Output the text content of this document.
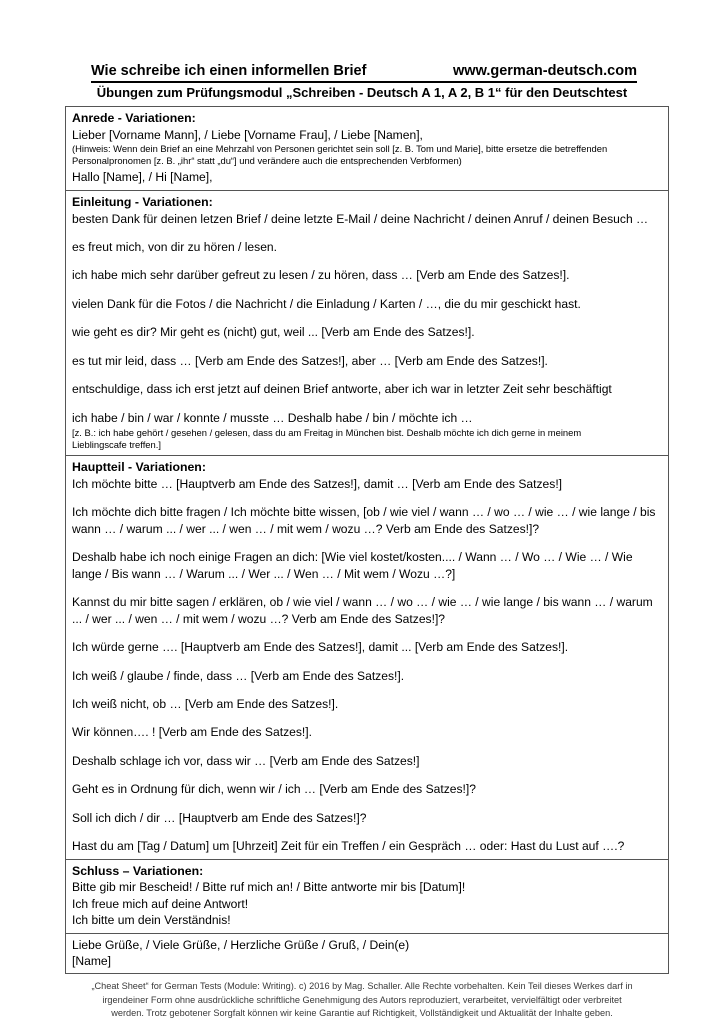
Wie schreibe ich einen informellen Brief	www.german-deutsch.com
Übungen zum Prüfungsmodul „Schreiben - Deutsch A 1, A 2, B 1“ für den Deutschtest
Anrede - Variationen:
Lieber [Vorname Mann], / Liebe [Vorname Frau], / Liebe [Namen],
(Hinweis: Wenn dein Brief an eine Mehrzahl von Personen gerichtet sein soll [z. B. Tom und Marie], bitte ersetze die betreffenden
Personalpronomen [z. B. „ihr“ statt „du“] und verändere auch die entsprechenden Verbformen)
Hallo [Name], / Hi [Name],
Einleitung - Variationen:
besten Dank für deinen letzen Brief / deine letzte E-Mail / deine Nachricht / deinen Anruf / deinen Besuch …
es freut mich, von dir zu hören / lesen.
ich habe mich sehr darüber gefreut zu lesen / zu hören, dass … [Verb am Ende des Satzes!].
vielen Dank für die Fotos / die Nachricht / die Einladung / Karten / …, die du mir geschickt hast.
wie geht es dir? Mir geht es (nicht) gut, weil ... [Verb am Ende des Satzes!].
es tut mir leid, dass … [Verb am Ende des Satzes!], aber … [Verb am Ende des Satzes!].
entschuldige, dass ich erst jetzt auf deinen Brief antworte, aber ich war in letzter Zeit sehr beschäftigt
ich habe / bin / war / konnte / musste … Deshalb habe / bin / möchte ich …
[z. B.: ich habe gehört / gesehen / gelesen, dass du am Freitag in München bist. Deshalb möchte ich dich gerne in meinem
Lieblingscafe treffen.]
Hauptteil - Variationen:
Ich möchte bitte … [Hauptverb am Ende des Satzes!], damit … [Verb am Ende des Satzes!]
Ich möchte dich bitte fragen / Ich möchte bitte wissen, [ob / wie viel / wann … / wo … / wie … / wie lange / bis wann … / warum ... / wer ... / wen … / mit wem / wozu …? Verb am Ende des Satzes!]?
Deshalb habe ich noch einige Fragen an dich: [Wie viel kostet/kosten.... / Wann … / Wo … / Wie … / Wie lange / Bis wann … / Warum ... / Wer ... / Wen … / Mit wem / Wozu …?]
Kannst du mir bitte sagen / erklären, ob / wie viel / wann … / wo … / wie … / wie lange / bis wann … / warum ... / wer ... / wen … / mit wem / wozu …? Verb am Ende des Satzes!]?
Ich würde gerne …. [Hauptverb am Ende des Satzes!], damit ... [Verb am Ende des Satzes!].
Ich weiß / glaube / finde, dass … [Verb am Ende des Satzes!].
Ich weiß nicht, ob … [Verb am Ende des Satzes!].
Wir können…. ! [Verb am Ende des Satzes!].
Deshalb schlage ich vor, dass wir … [Verb am Ende des Satzes!]
Geht es in Ordnung für dich, wenn wir / ich … [Verb am Ende des Satzes!]?
Soll ich dich / dir … [Hauptverb am Ende des Satzes!]?
Hast du am [Tag / Datum] um [Uhrzeit] Zeit für ein Treffen / ein Gespräch … oder: Hast du Lust auf ….?
Schluss – Variationen:
Bitte gib mir Bescheid! / Bitte ruf mich an! / Bitte antworte mir bis [Datum]!
Ich freue mich auf deine Antwort!
Ich bitte um dein Verständnis!
Liebe Grüße, / Viele Grüße, / Herzliche Grüße / Gruß, / Dein(e)
[Name]
„Cheat Sheet“ for German Tests (Module: Writing). c) 2016 by Mag. Schaller. Alle Rechte vorbehalten. Kein Teil dieses Werkes darf in
irgendeiner Form ohne ausdrückliche schriftliche Genehmigung des Autors reproduziert, verarbeitet, vervielfältigt oder verbreitet
werden. Trotz gebotener Sorgfalt können wir keine Garantie auf Richtigkeit, Vollständigkeit und Aktualität der Inhalte geben.
